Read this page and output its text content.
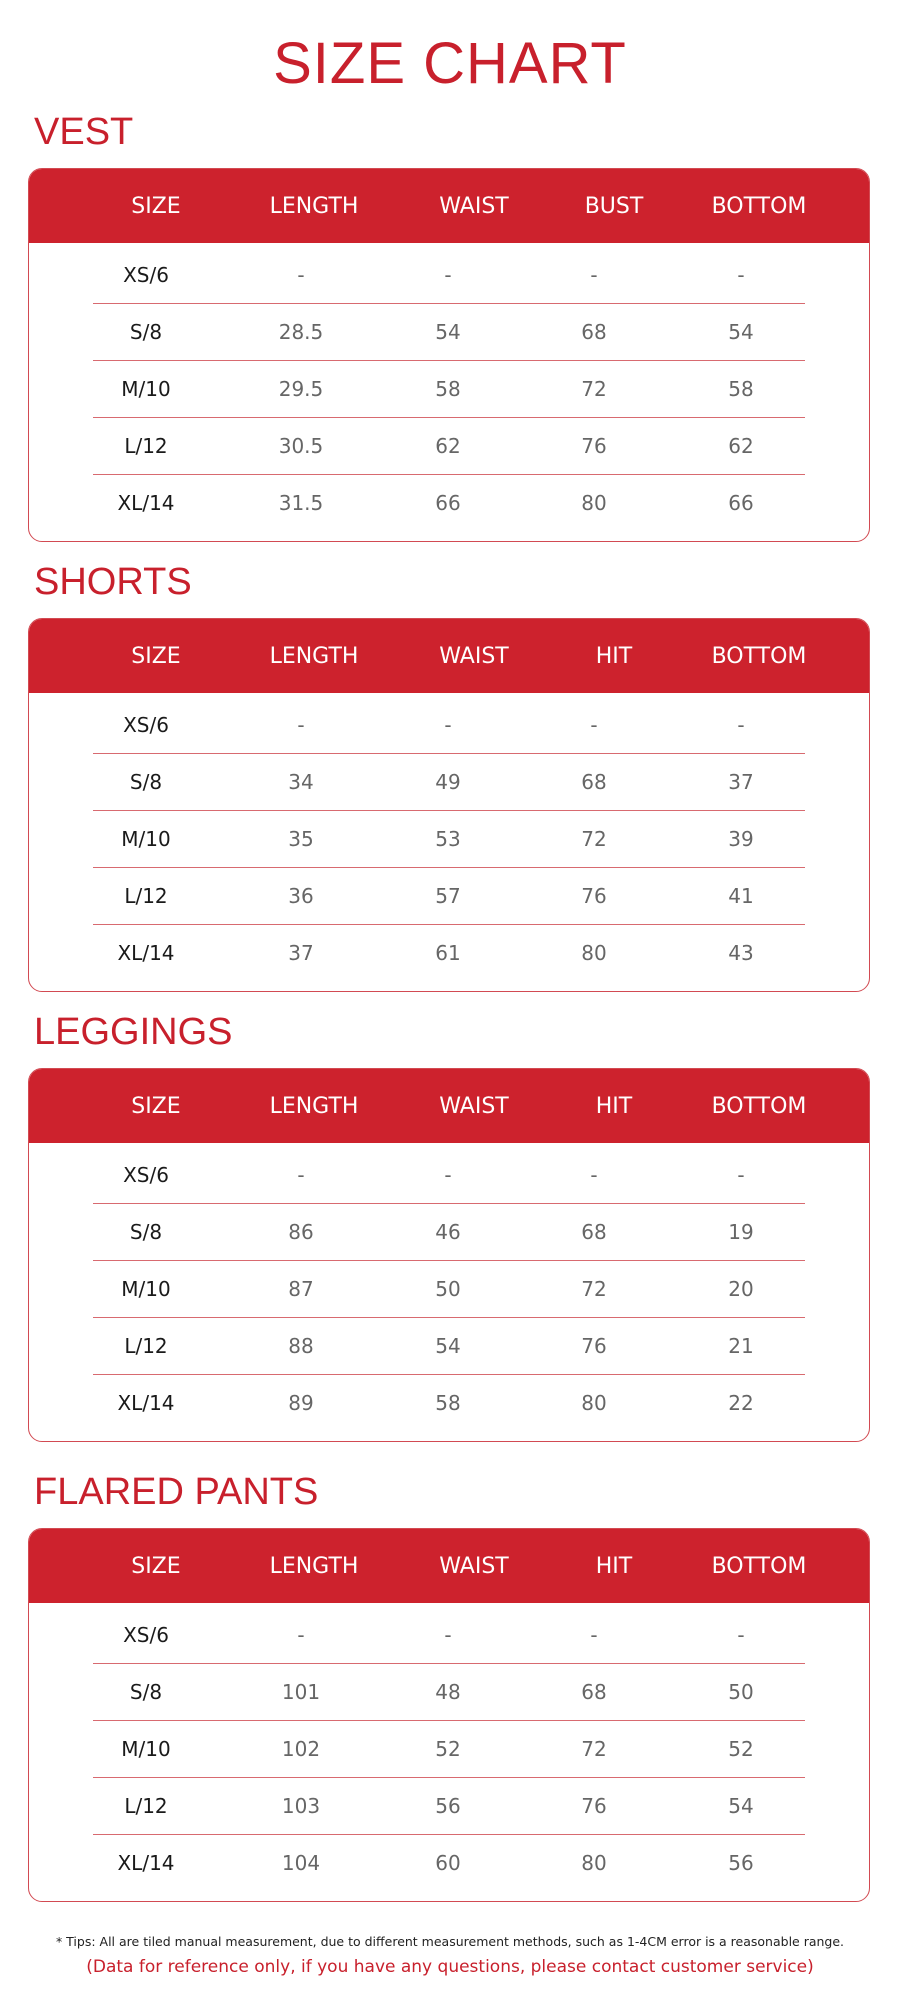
SIZE CHART
VEST
SIZE	LENGTH	WAIST	BUST	BOTTOM
XS/6	-	-	-	-
S/8	28.5	54	68	54
M/10	29.5	58	72	58
L/12	30.5	62	76	62
XL/14	31.5	66	80	66
SHORTS
SIZE	LENGTH	WAIST	HIT	BOTTOM
XS/6	-	-	-	-
S/8	34	49	68	37
M/10	35	53	72	39
L/12	36	57	76	41
XL/14	37	61	80	43
LEGGINGS
SIZE	LENGTH	WAIST	HIT	BOTTOM
XS/6	-	-	-	-
S/8	86	46	68	19
M/10	87	50	72	20
L/12	88	54	76	21
XL/14	89	58	80	22
FLARED PANTS
SIZE	LENGTH	WAIST	HIT	BOTTOM
XS/6	-	-	-	-
S/8	101	48	68	50
M/10	102	52	72	52
L/12	103	56	76	54
XL/14	104	60	80	56
* Tips: All are tiled manual measurement, due to different measurement methods, such as 1-4CM error is a reasonable range.
(Data for reference only, if you have any questions, please contact customer service)
